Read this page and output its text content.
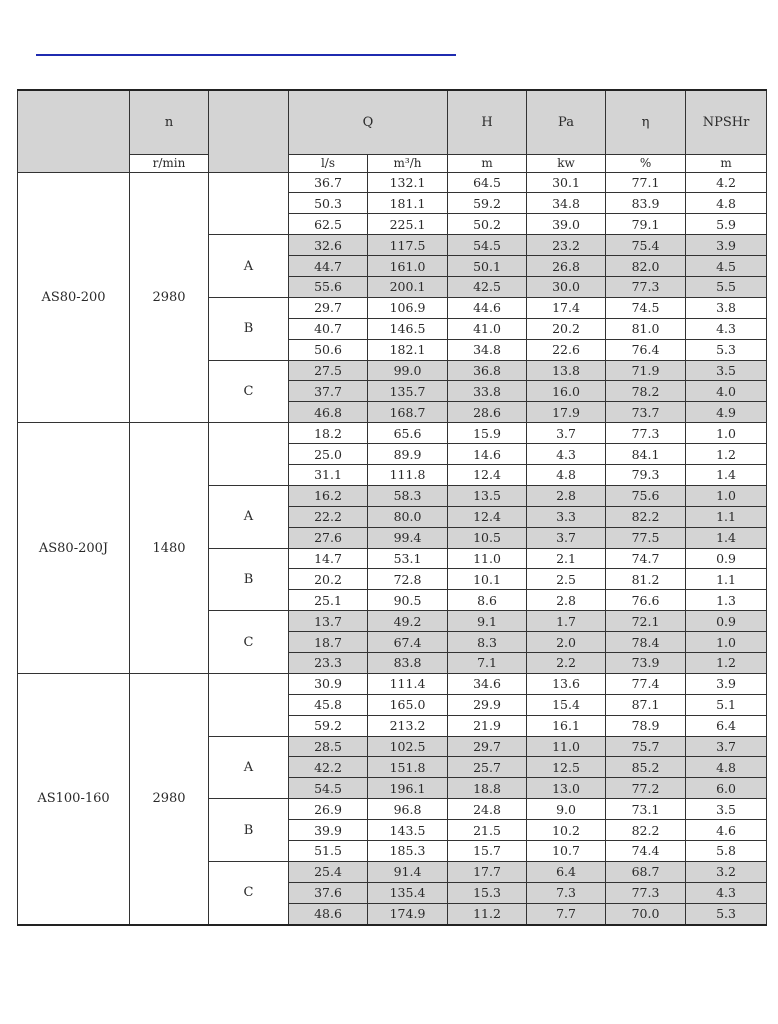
	n		Q		H	Pa	η	NPSHr
	r/min		l/s	m³/h	m	kw	%	m
AS80-200	2980		36.7	132.1	64.5	30.1	77.1	4.2
			50.3	181.1	59.2	34.8	83.9	4.8
			62.5	225.1	50.2	39.0	79.1	5.9
		A	32.6	117.5	54.5	23.2	75.4	3.9
			44.7	161.0	50.1	26.8	82.0	4.5
			55.6	200.1	42.5	30.0	77.3	5.5
		B	29.7	106.9	44.6	17.4	74.5	3.8
			40.7	146.5	41.0	20.2	81.0	4.3
			50.6	182.1	34.8	22.6	76.4	5.3
		C	27.5	99.0	36.8	13.8	71.9	3.5
			37.7	135.7	33.8	16.0	78.2	4.0
			46.8	168.7	28.6	17.9	73.7	4.9
AS80-200J	1480		18.2	65.6	15.9	3.7	77.3	1.0
			25.0	89.9	14.6	4.3	84.1	1.2
			31.1	111.8	12.4	4.8	79.3	1.4
		A	16.2	58.3	13.5	2.8	75.6	1.0
			22.2	80.0	12.4	3.3	82.2	1.1
			27.6	99.4	10.5	3.7	77.5	1.4
		B	14.7	53.1	11.0	2.1	74.7	0.9
			20.2	72.8	10.1	2.5	81.2	1.1
			25.1	90.5	8.6	2.8	76.6	1.3
		C	13.7	49.2	9.1	1.7	72.1	0.9
			18.7	67.4	8.3	2.0	78.4	1.0
			23.3	83.8	7.1	2.2	73.9	1.2
AS100-160	2980		30.9	111.4	34.6	13.6	77.4	3.9
			45.8	165.0	29.9	15.4	87.1	5.1
			59.2	213.2	21.9	16.1	78.9	6.4
		A	28.5	102.5	29.7	11.0	75.7	3.7
			42.2	151.8	25.7	12.5	85.2	4.8
			54.5	196.1	18.8	13.0	77.2	6.0
		B	26.9	96.8	24.8	9.0	73.1	3.5
			39.9	143.5	21.5	10.2	82.2	4.6
			51.5	185.3	15.7	10.7	74.4	5.8
		C	25.4	91.4	17.7	6.4	68.7	3.2
			37.6	135.4	15.3	7.3	77.3	4.3
			48.6	174.9	11.2	7.7	70.0	5.3
